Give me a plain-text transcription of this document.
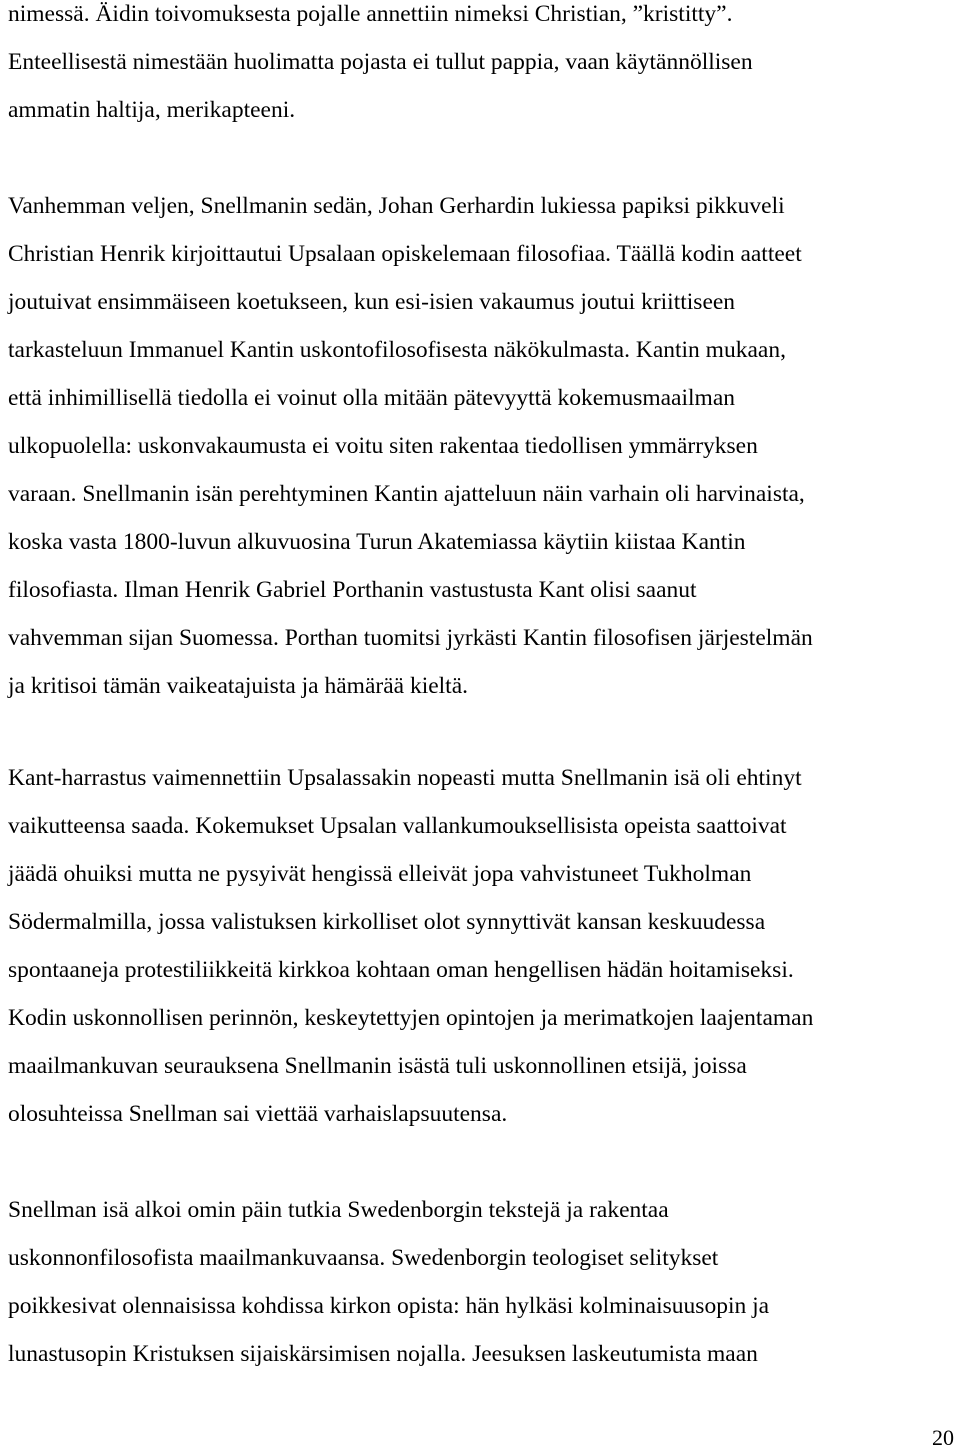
nimessä. Äidin toivomuksesta pojalle annettiin nimeksi Christian, ”kristitty”.
Enteellisestä nimestään huolimatta pojasta ei tullut pappia, vaan käytännöllisen
ammatin haltija, merikapteeni.
Vanhemman veljen, Snellmanin sedän, Johan Gerhardin lukiessa papiksi pikkuveli
Christian Henrik kirjoittautui Upsalaan opiskelemaan filosofiaa. Täällä kodin aatteet
joutuivat ensimmäiseen koetukseen, kun esi-isien vakaumus joutui kriittiseen
tarkasteluun Immanuel Kantin uskontofilosofisesta näkökulmasta. Kantin mukaan,
että inhimillisellä tiedolla ei voinut olla mitään pätevyyttä kokemusmaailman
ulkopuolella: uskonvakaumusta ei voitu siten rakentaa tiedollisen ymmärryksen
varaan. Snellmanin isän perehtyminen Kantin ajatteluun näin varhain oli harvinaista,
koska vasta 1800-luvun alkuvuosina Turun Akatemiassa käytiin kiistaa Kantin
filosofiasta. Ilman Henrik Gabriel Porthanin vastustusta Kant olisi saanut
vahvemman sijan Suomessa. Porthan tuomitsi jyrkästi Kantin filosofisen järjestelmän
ja kritisoi tämän vaikeatajuista ja hämärää kieltä.
Kant-harrastus vaimennettiin Upsalassakin nopeasti mutta Snellmanin isä oli ehtinyt
vaikutteensa saada. Kokemukset Upsalan vallankumouksellisista opeista saattoivat
jäädä ohuiksi mutta ne pysyivät hengissä elleivät jopa vahvistuneet Tukholman
Södermalmilla, jossa valistuksen kirkolliset olot synnyttivät kansan keskuudessa
spontaaneja protestiliikkeitä kirkkoa kohtaan oman hengellisen hädän hoitamiseksi.
Kodin uskonnollisen perinnön, keskeytettyjen opintojen ja merimatkojen laajentaman
maailmankuvan seurauksena Snellmanin isästä tuli uskonnollinen etsijä, joissa
olosuhteissa Snellman sai viettää varhaislapsuutensa.
Snellman isä alkoi omin päin tutkia Swedenborgin tekstejä ja rakentaa
uskonnonfilosofista maailmankuvaansa. Swedenborgin teologiset selitykset
poikkesivat olennaisissa kohdissa kirkon opista: hän hylkäsi kolminaisuusopin ja
lunastusopin Kristuksen sijaiskärsimisen nojalla. Jeesuksen laskeutumista maan
20
